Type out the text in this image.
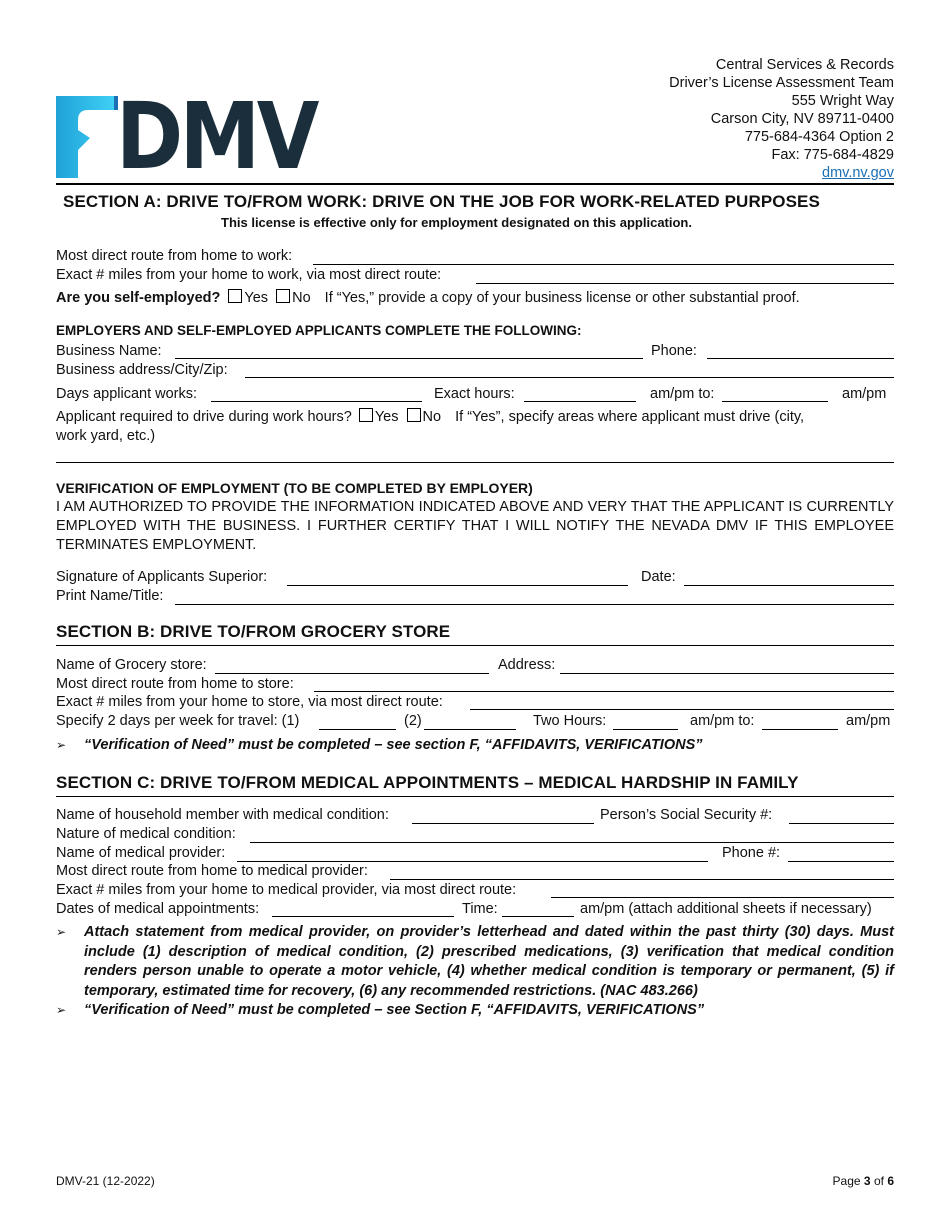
DMV
Central Services & Records
Driver’s License Assessment Team
555 Wright Way
Carson City, NV 89711-0400
775-684-4364 Option 2
Fax: 775-684-4829
dmv.nv.gov
SECTION A: DRIVE TO/FROM WORK: DRIVE ON THE JOB FOR WORK-RELATED PURPOSES
This license is effective only for employment designated on this application.
Most direct route from home to work:
Exact # miles from your home to work, via most direct route:
Are you self-employed? Yes No If “Yes,” provide a copy of your business license or other substantial proof.
EMPLOYERS AND SELF-EMPLOYED APPLICANTS COMPLETE THE FOLLOWING:
Business Name:	Phone:
Business address/City/Zip:
Days applicant works:	Exact hours:	am/pm to:	am/pm
Applicant required to drive during work hours? Yes No If “Yes”, specify areas where applicant must drive (city,
work yard, etc.)
VERIFICATION OF EMPLOYMENT (TO BE COMPLETED BY EMPLOYER)
I AM AUTHORIZED TO PROVIDE THE INFORMATION INDICATED ABOVE AND VERY THAT THE APPLICANT IS CURRENTLY EMPLOYED WITH THE BUSINESS. I FURTHER CERTIFY THAT I WILL NOTIFY THE NEVADA DMV IF THIS EMPLOYEE TERMINATES EMPLOYMENT.
Signature of Applicants Superior:	Date:
Print Name/Title:
SECTION B: DRIVE TO/FROM GROCERY STORE
Name of Grocery store:	Address:
Most direct route from home to store:
Exact # miles from your home to store, via most direct route:
Specify 2 days per week for travel: (1)	(2)	Two Hours:	am/pm to:	am/pm
➢ “Verification of Need” must be completed – see section F, “AFFIDAVITS, VERIFICATIONS”
SECTION C: DRIVE TO/FROM MEDICAL APPOINTMENTS – MEDICAL HARDSHIP IN FAMILY
Name of household member with medical condition:	Person’s Social Security #:
Nature of medical condition:
Name of medical provider:	Phone #:
Most direct route from home to medical provider:
Exact # miles from your home to medical provider, via most direct route:
Dates of medical appointments:	Time:	am/pm (attach additional sheets if necessary)
➢ Attach statement from medical provider, on provider’s letterhead and dated within the past thirty (30) days. Must include (1) description of medical condition, (2) prescribed medications, (3) verification that medical condition renders person unable to operate a motor vehicle, (4) whether medical condition is temporary or permanent, (5) if temporary, estimated time for recovery, (6) any recommended restrictions. (NAC 483.266)
➢ “Verification of Need” must be completed – see Section F, “AFFIDAVITS, VERIFICATIONS”
DMV-21 (12-2022)	Page 3 of 6
